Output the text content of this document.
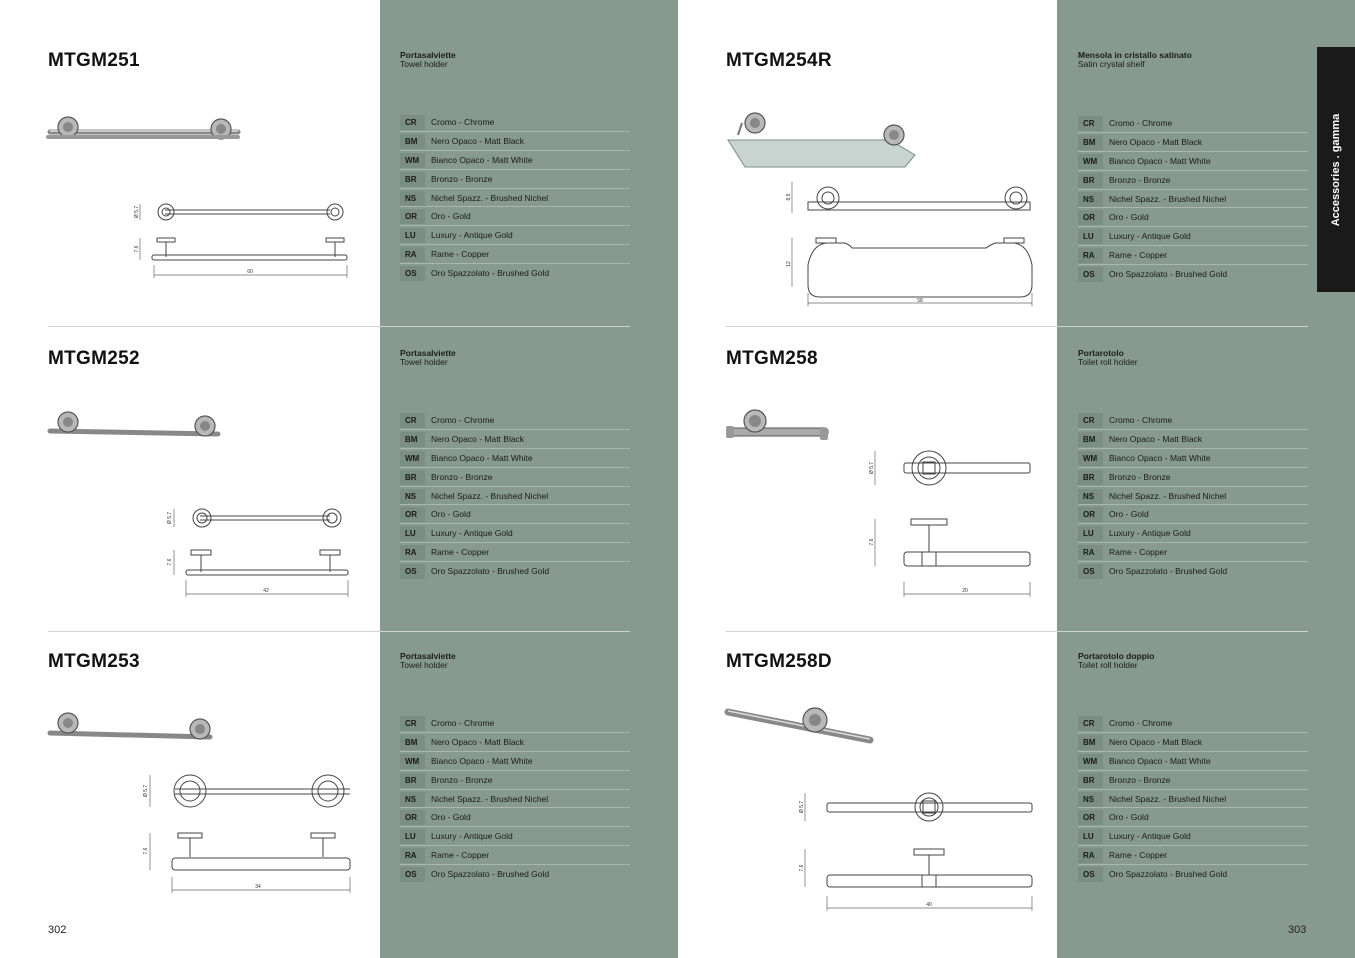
Accessories . gamma
302	303
MTGM251	Portasalviette
Towel holder
CR	Cromo - Chrome
BM	Nero Opaco - Matt Black
WM	Bianco Opaco - Matt White
BR	Bronzo - Bronze
NS	Nichel Spazz. - Brushed Nichel
OR	Oro - Gold
LU	Luxury - Antique Gold
RA	Rame - Copper
OS	Oro Spazzolato - Brushed Gold
Ø 5,7
7,6
60
MTGM252	Portasalviette
Towel holder
CR	Cromo - Chrome
BM	Nero Opaco - Matt Black
WM	Bianco Opaco - Matt White
BR	Bronzo - Bronze
NS	Nichel Spazz. - Brushed Nichel
OR	Oro - Gold
LU	Luxury - Antique Gold
RA	Rame - Copper
OS	Oro Spazzolato - Brushed Gold
Ø 5,7
7,6
42
MTGM253	Portasalviette
Towel holder
CR	Cromo - Chrome
BM	Nero Opaco - Matt Black
WM	Bianco Opaco - Matt White
BR	Bronzo - Bronze
NS	Nichel Spazz. - Brushed Nichel
OR	Oro - Gold
LU	Luxury - Antique Gold
RA	Rame - Copper
OS	Oro Spazzolato - Brushed Gold
Ø 5,7
7,6
34
MTGM254R	Mensola in cristallo satinato
Satin crystal shelf
CR	Cromo - Chrome
BM	Nero Opaco - Matt Black
WM	Bianco Opaco - Matt White
BR	Bronzo - Bronze
NS	Nichel Spazz. - Brushed Nichel
OR	Oro - Gold
LU	Luxury - Antique Gold
RA	Rame - Copper
OS	Oro Spazzolato - Brushed Gold
8,5
12
58
MTGM258	Portarotolo
Toilet roll holder
CR	Cromo - Chrome
BM	Nero Opaco - Matt Black
WM	Bianco Opaco - Matt White
BR	Bronzo - Bronze
NS	Nichel Spazz. - Brushed Nichel
OR	Oro - Gold
LU	Luxury - Antique Gold
RA	Rame - Copper
OS	Oro Spazzolato - Brushed Gold
Ø 5,7
7,6
20
MTGM258D	Portarotolo doppio
Toilet roll holder
CR	Cromo - Chrome
BM	Nero Opaco - Matt Black
WM	Bianco Opaco - Matt White
BR	Bronzo - Bronze
NS	Nichel Spazz. - Brushed Nichel
OR	Oro - Gold
LU	Luxury - Antique Gold
RA	Rame - Copper
OS	Oro Spazzolato - Brushed Gold
Ø 5,7
7,6
40
